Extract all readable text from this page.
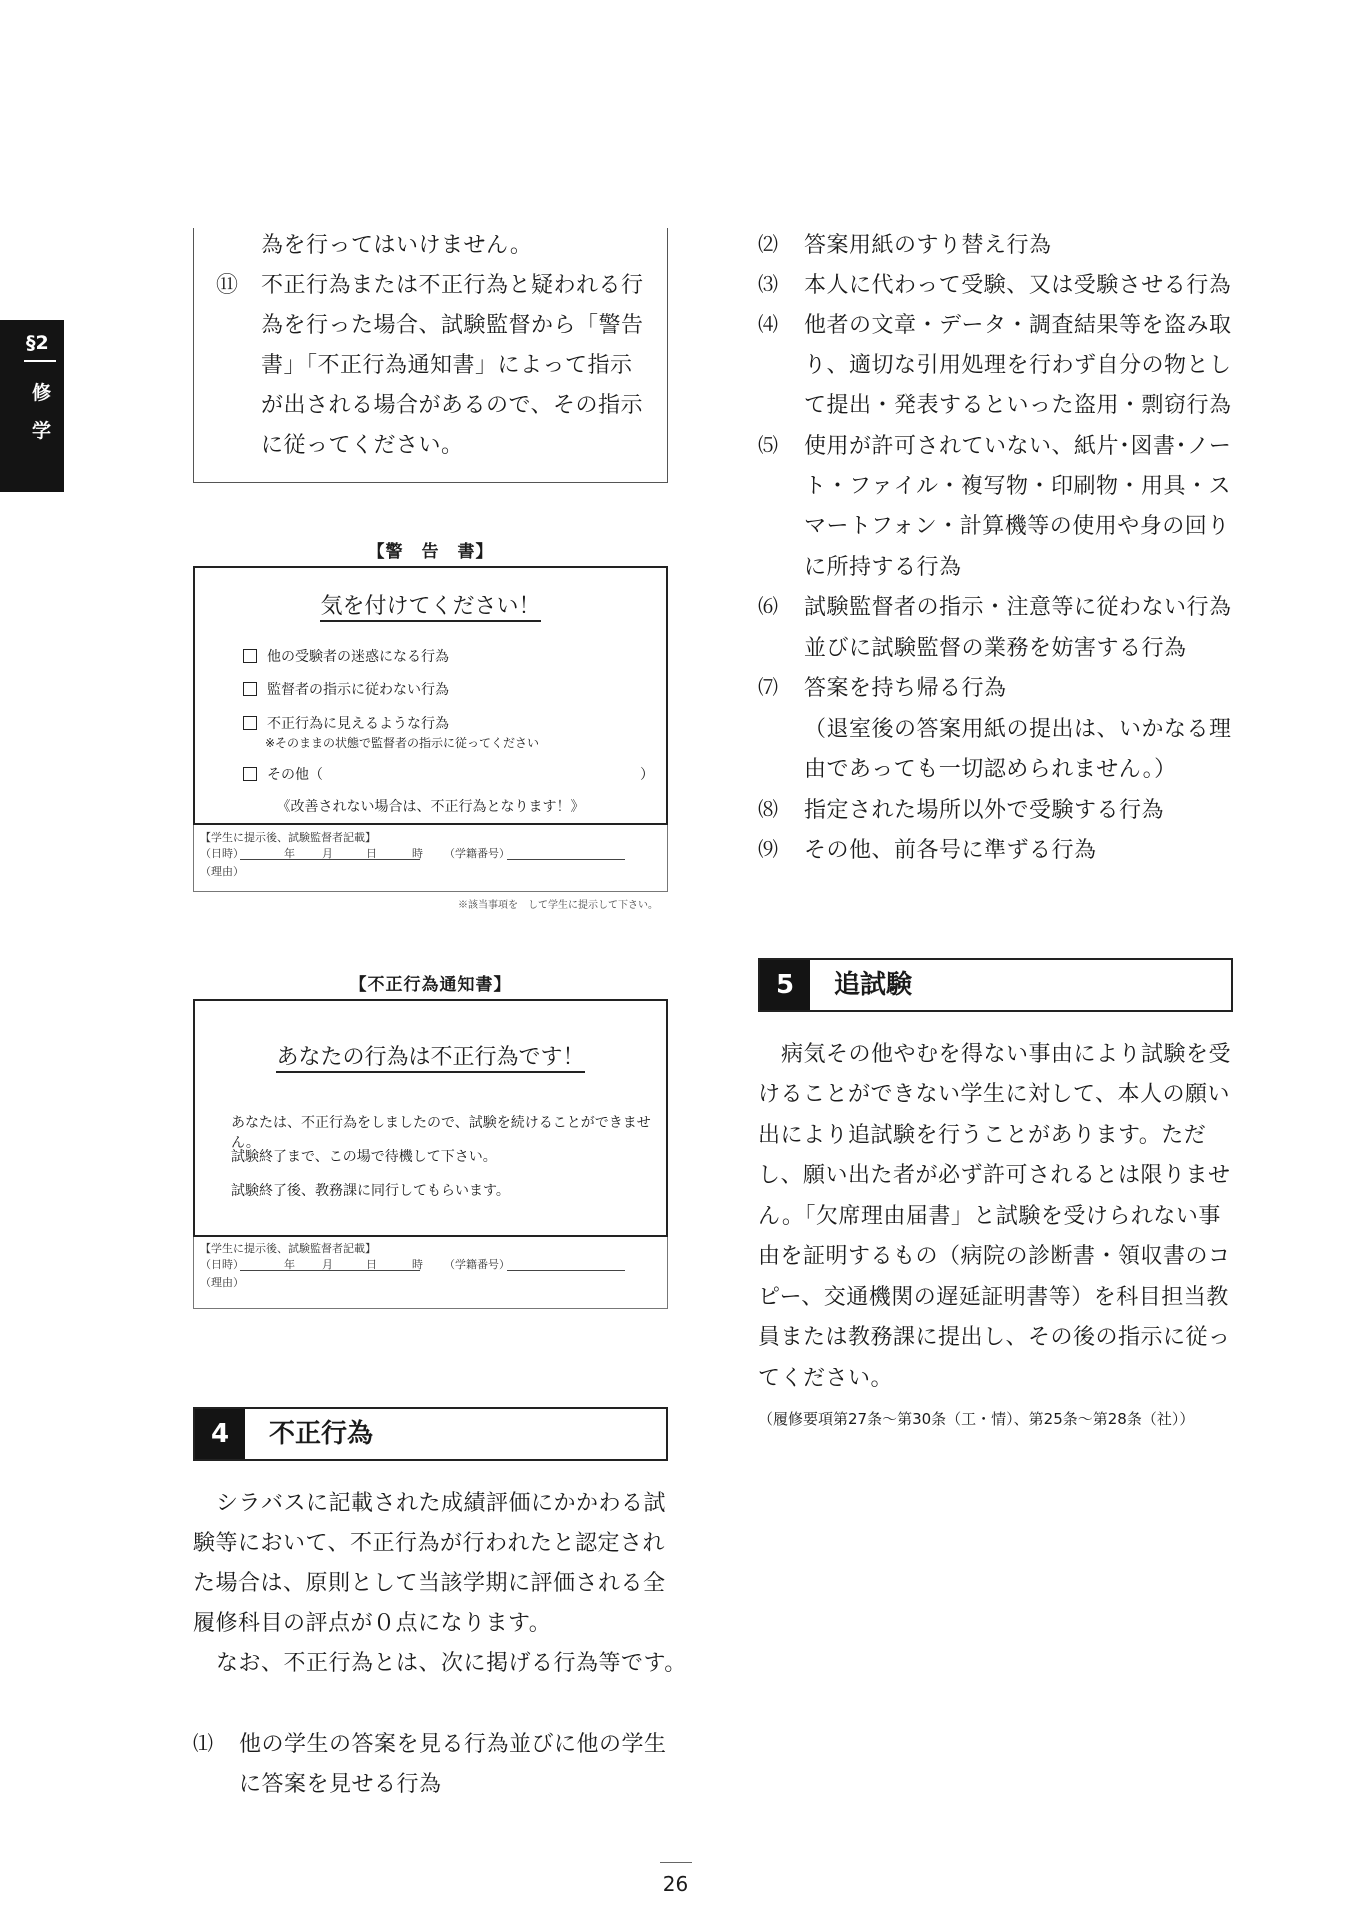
§2
修
学
為を行ってはいけません。
⑪ 不正行為または不正行為と疑われる行
為を行った場合、試験監督から「警告
書」「不正行為通知書」によって指示
が出される場合があるので、その指示
に従ってください。
【警　告　書】
気を付けてください！
他の受験者の迷惑になる行為
監督者の指示に従わない行為
不正行為に見えるような行為
※そのままの状態で監督者の指示に従ってください
その他（	）
《改善されない場合は、不正行為となります！》
【学生に提示後、試験監督者記載】
（日時）	年 月	日	時 （学籍番号）
（理由）
※該当事項を　して学生に提示して下さい。
【不正行為通知書】
あなたの行為は不正行為です！
あなたは、不正行為をしましたので、試験を続けることができません。
試験終了まで、この場で待機して下さい。
試験終了後、教務課に同行してもらいます。
【学生に提示後、試験監督者記載】
（日時）	年 月	日	時 （学籍番号）
（理由）
4	不正行為
シラバスに記載された成績評価にかかわる試
験等において、不正行為が行われたと認定され
た場合は、原則として当該学期に評価される全
履修科目の評点が０点になります。
なお、不正行為とは、次に掲げる行為等です。
⑴ 他の学生の答案を見る行為並びに他の学生
に答案を見せる行為
⑵ 答案用紙のすり替え行為
⑶ 本人に代わって受験、又は受験させる行為
⑷ 他者の文章・データ・調査結果等を盗み取
り、適切な引用処理を行わず自分の物とし
て提出・発表するといった盗用・剽窃行為
⑸ 使用が許可されていない、紙片･図書･ノー
ト・ファイル・複写物・印刷物・用具・ス
マートフォン・計算機等の使用や身の回り
に所持する行為
⑹ 試験監督者の指示・注意等に従わない行為
並びに試験監督の業務を妨害する行為
⑺ 答案を持ち帰る行為
（退室後の答案用紙の提出は、いかなる理
由であっても一切認められません。）
⑻ 指定された場所以外で受験する行為
⑼ その他、前各号に準ずる行為
5	追試験
病気その他やむを得ない事由により試験を受
けることができない学生に対して、本人の願い
出により追試験を行うことがあります。ただ
し、願い出た者が必ず許可されるとは限りませ
ん。「欠席理由届書」と試験を受けられない事
由を証明するもの（病院の診断書・領収書のコ
ピー、交通機関の遅延証明書等）を科目担当教
員または教務課に提出し、その後の指示に従っ
てください。
（履修要項第27条～第30条（工・情）、第25条～第28条（社））
26
